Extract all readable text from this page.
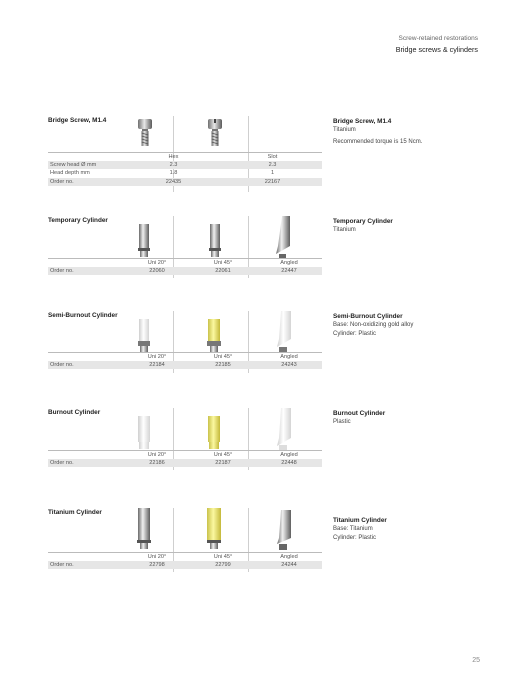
Screw-retained restorations
Bridge screws & cylinders
Bridge Screw, M1.4	Bridge Screw, M1.4
Titanium
Recommended torque is 15 Ncm.
	Hex	Slot
Screw head Ø mm	2.3	2.3
Head depth mm	1.8	1
Order no.	22435	22167
Temporary Cylinder	Temporary Cylinder
Titanium
	Uni 20°	Uni 45°	Angled
Order no.	22060	22061	22447
Semi-Burnout Cylinder	Semi-Burnout Cylinder
Base: Non-oxidizing gold alloy
Cylinder: Plastic
	Uni 20°	Uni 45°	Angled
Order no.	22184	22185	24243
Burnout Cylinder	Burnout Cylinder
Plastic
	Uni 20°	Uni 45°	Angled
Order no.	22186	22187	22448
Titanium Cylinder
Titanium Cylinder
Base: Titanium
Cylinder: Plastic
	Uni 20°	Uni 45°	Angled
Order no.	22798	22799	24244
25
